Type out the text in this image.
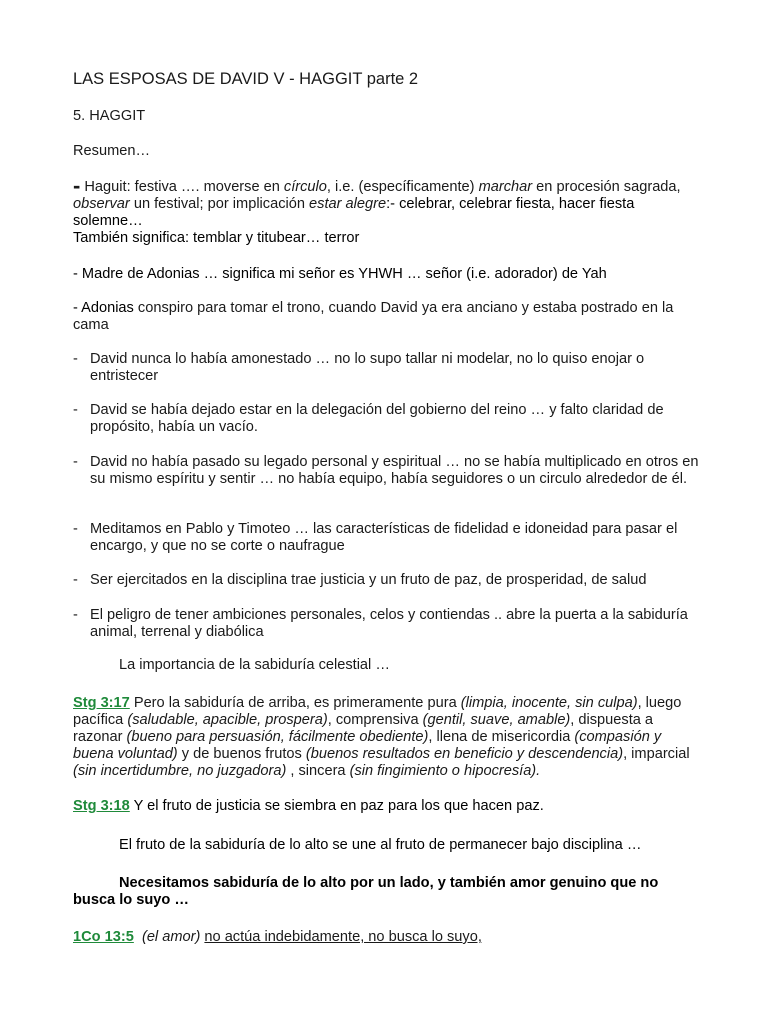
LAS ESPOSAS DE DAVID V - HAGGIT parte 2
5. HAGGIT
Resumen…
- Haguit: festiva …. moverse en círculo, i.e. (específicamente) marchar en procesión sagrada, observar un festival; por implicación estar alegre:- celebrar, celebrar fiesta, hacer fiesta solemne…
También significa: temblar y titubear… terror
- Madre de Adonias … significa mi señor es YHWH … señor (i.e. adorador) de Yah
- Adonias conspiro para tomar el trono, cuando David ya era anciano y estaba postrado en la cama
- David nunca lo había amonestado … no lo supo tallar ni modelar, no lo quiso enojar o entristecer
- David se había dejado estar en la delegación del gobierno del reino … y falto claridad de propósito, había un vacío.
- David no había pasado su legado personal y espiritual … no se había multiplicado en otros en su mismo espíritu y sentir … no había equipo, había seguidores o un circulo alrededor de él.
- Meditamos en Pablo y Timoteo … las características de fidelidad e idoneidad para pasar el encargo, y que no se corte o naufrague
- Ser ejercitados en la disciplina trae justicia y un fruto de paz, de prosperidad, de salud
- El peligro de tener ambiciones personales, celos y contiendas .. abre la puerta a la sabiduría animal, terrenal y diabólica
La importancia de la sabiduría celestial …
Stg 3:17 Pero la sabiduría de arriba, es primeramente pura (limpia, inocente, sin culpa), luego pacífica (saludable, apacible, prospera), comprensiva (gentil, suave, amable), dispuesta a razonar (bueno para persuasión, fácilmente obediente), llena de misericordia (compasión y buena voluntad) y de buenos frutos (buenos resultados en beneficio y descendencia), imparcial (sin incertidumbre, no juzgadora) , sincera (sin fingimiento o hipocresía).
Stg 3:18 Y el fruto de justicia se siembra en paz para los que hacen paz.
El fruto de la sabiduría de lo alto se une al fruto de permanecer bajo disciplina …
Necesitamos sabiduría de lo alto por un lado, y también amor genuino que no busca lo suyo …
1Co 13:5 (el amor) no actúa indebidamente, no busca lo suyo,
